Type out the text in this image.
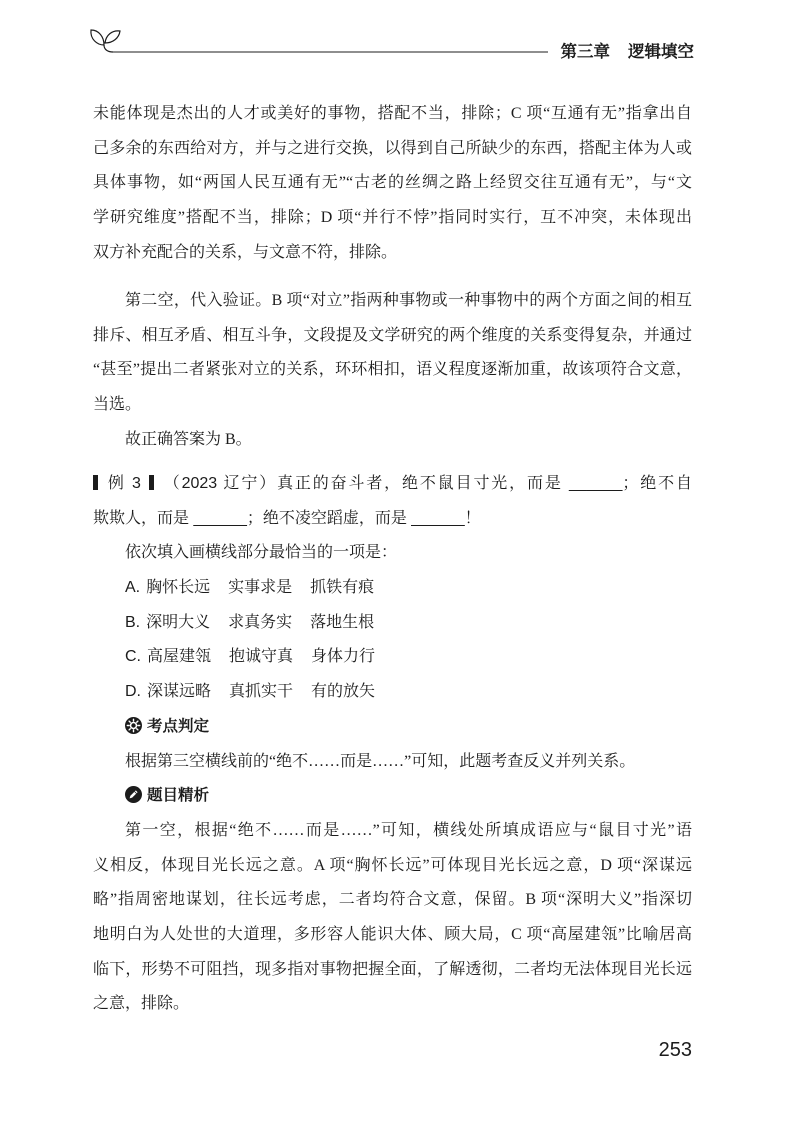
第三章 逻辑填空
未能体现是杰出的人才或美好的事物，搭配不当，排除；C 项“互通有无”指拿出自
己多余的东西给对方，并与之进行交换，以得到自己所缺少的东西，搭配主体为人或
具体事物，如“两国人民互通有无”“古老的丝绸之路上经贸交往互通有无”，与“文
学研究维度”搭配不当，排除；D 项“并行不悖”指同时实行，互不冲突，未体现出
双方补充配合的关系，与文意不符，排除。
第二空，代入验证。B 项“对立”指两种事物或一种事物中的两个方面之间的相互
排斥、相互矛盾、相互斗争，文段提及文学研究的两个维度的关系变得复杂，并通过
“甚至”提出二者紧张对立的关系，环环相扣，语义程度逐渐加重，故该项符合文意，
当选。
故正确答案为 B。
例 3 （2023 辽宁）真正的奋斗者，绝不鼠目寸光，而是 ______；绝不自
欺欺人，而是 ______；绝不凌空蹈虚，而是 ______！
依次填入画横线部分最恰当的一项是：
A. 胸怀长远 实事求是 抓铁有痕
B. 深明大义 求真务实 落地生根
C. 高屋建瓴 抱诚守真 身体力行
D. 深谋远略 真抓实干 有的放矢
考点判定
根据第三空横线前的“绝不……而是……”可知，此题考查反义并列关系。
题目精析
第一空，根据“绝不……而是……”可知，横线处所填成语应与“鼠目寸光”语
义相反，体现目光长远之意。A 项“胸怀长远”可体现目光长远之意，D 项“深谋远
略”指周密地谋划，往长远考虑，二者均符合文意，保留。B 项“深明大义”指深切
地明白为人处世的大道理，多形容人能识大体、顾大局，C 项“高屋建瓴”比喻居高
临下，形势不可阻挡，现多指对事物把握全面，了解透彻，二者均无法体现目光长远
之意，排除。
253
